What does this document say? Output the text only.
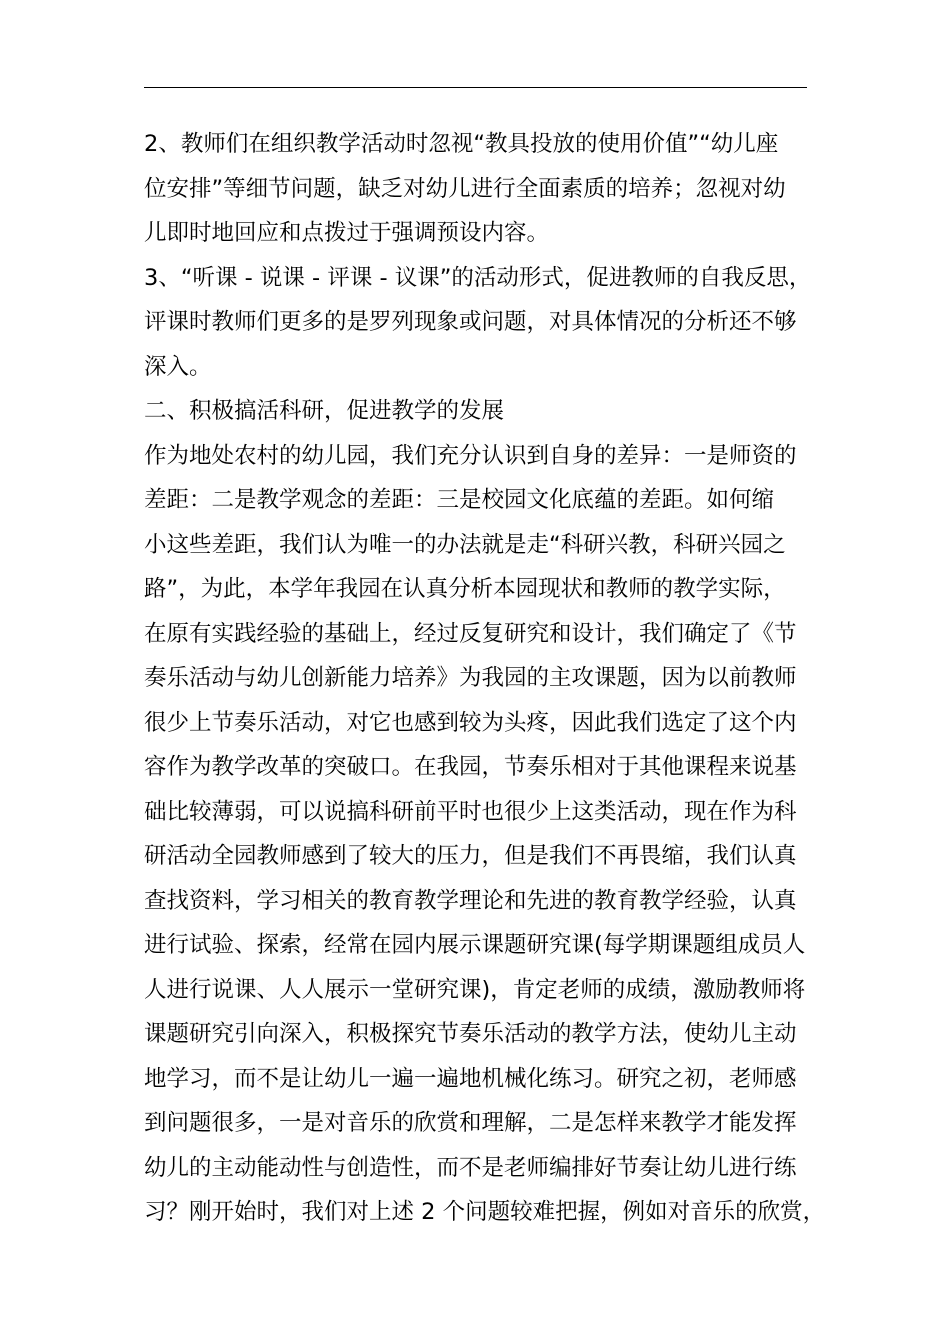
2、教师们在组织教学活动时忽视“教具投放的使用价值”“幼儿座
位安排”等细节问题，缺乏对幼儿进行全面素质的培养；忽视对幼
儿即时地回应和点拨过于强调预设内容。
3、“听课 - 说课 - 评课 - 议课”的活动形式，促进教师的自我反思，
评课时教师们更多的是罗列现象或问题，对具体情况的分析还不够
深入。
二、积极搞活科研，促进教学的发展
作为地处农村的幼儿园，我们充分认识到自身的差异：一是师资的
差距：二是教学观念的差距：三是校园文化底蕴的差距。如何缩
小这些差距，我们认为唯一的办法就是走“科研兴教，科研兴园之
路”，为此，本学年我园在认真分析本园现状和教师的教学实际，
在原有实践经验的基础上，经过反复研究和设计，我们确定了《节
奏乐活动与幼儿创新能力培养》为我园的主攻课题，因为以前教师
很少上节奏乐活动，对它也感到较为头疼，因此我们选定了这个内
容作为教学改革的突破口。在我园，节奏乐相对于其他课程来说基
础比较薄弱，可以说搞科研前平时也很少上这类活动，现在作为科
研活动全园教师感到了较大的压力，但是我们不再畏缩，我们认真
查找资料，学习相关的教育教学理论和先进的教育教学经验，认真
进行试验、探索，经常在园内展示课题研究课(每学期课题组成员人
人进行说课、人人展示一堂研究课)，肯定老师的成绩，激励教师将
课题研究引向深入，积极探究节奏乐活动的教学方法，使幼儿主动
地学习，而不是让幼儿一遍一遍地机械化练习。研究之初，老师感
到问题很多，一是对音乐的欣赏和理解，二是怎样来教学才能发挥
幼儿的主动能动性与创造性，而不是老师编排好节奏让幼儿进行练
习？刚开始时，我们对上述 2 个问题较难把握，例如对音乐的欣赏，
